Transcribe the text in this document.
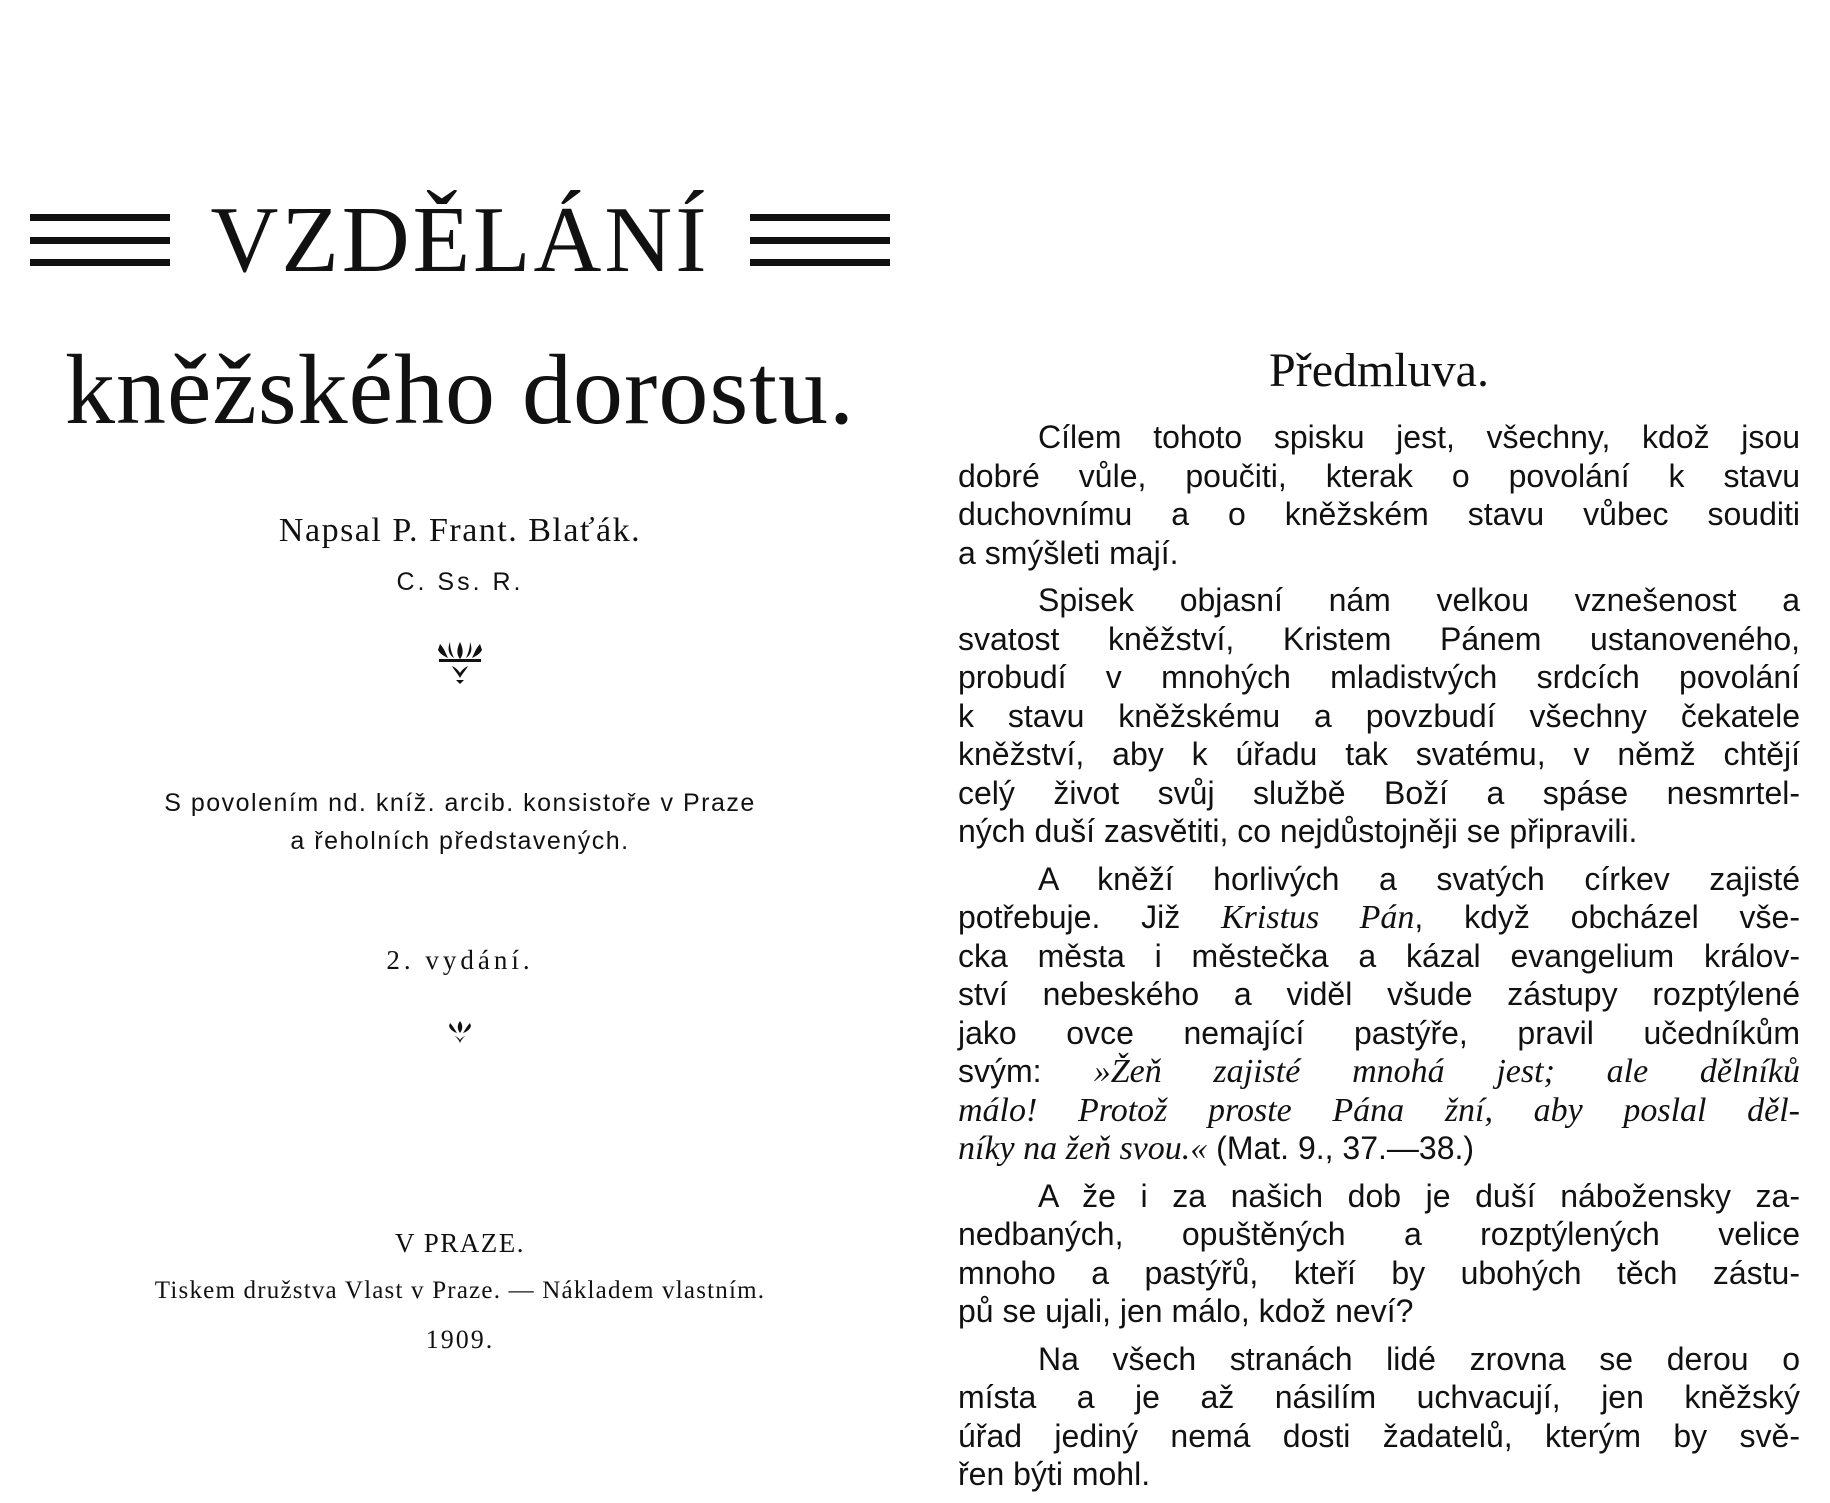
VZDĚLÁNÍ
kněžského dorostu.
Napsal P. Frant. Blaťák.
C. Ss. R.
S povolením nd. kníž. arcib. konsistoře v Praze
a řeholních představených.
2. vydání.
V PRAZE.
Tiskem družstva Vlast v Praze. — Nákladem vlastním.
1909.
Předmluva.
Cílem tohoto spisku jest, všechny, kdož jsou
dobré vůle, poučiti, kterak o povolání k stavu
duchovnímu a o kněžském stavu vůbec souditi
a smýšleti mají.
Spisek objasní nám velkou vznešenost a
svatost kněžství, Kristem Pánem ustanoveného,
probudí v mnohých mladistvých srdcích povolání
k stavu kněžskému a povzbudí všechny čekatele
kněžství, aby k úřadu tak svatému, v němž chtějí
celý život svůj službě Boží a spáse nesmrtel-
ných duší zasvětiti, co nejdůstojněji se připravili.
A kněží horlivých a svatých církev zajisté
potřebuje. Již Kristus Pán, když obcházel vše-
cka města i městečka a kázal evangelium králov-
ství nebeského a viděl všude zástupy rozptýlené
jako ovce nemající pastýře, pravil učedníkům
svým: »Žeň zajisté mnohá jest; ale dělníků
málo! Protož proste Pána žní, aby poslal děl-
níky na žeň svou.« (Mat. 9., 37.—38.)
A že i za našich dob je duší nábožensky za-
nedbaných, opuštěných a rozptýlených velice
mnoho a pastýřů, kteří by ubohých těch zástu-
pů se ujali, jen málo, kdož neví?
Na všech stranách lidé zrovna se derou o
místa a je až násilím uchvacují, jen kněžský
úřad jediný nemá dosti žadatelů, kterým by svě-
řen býti mohl.
